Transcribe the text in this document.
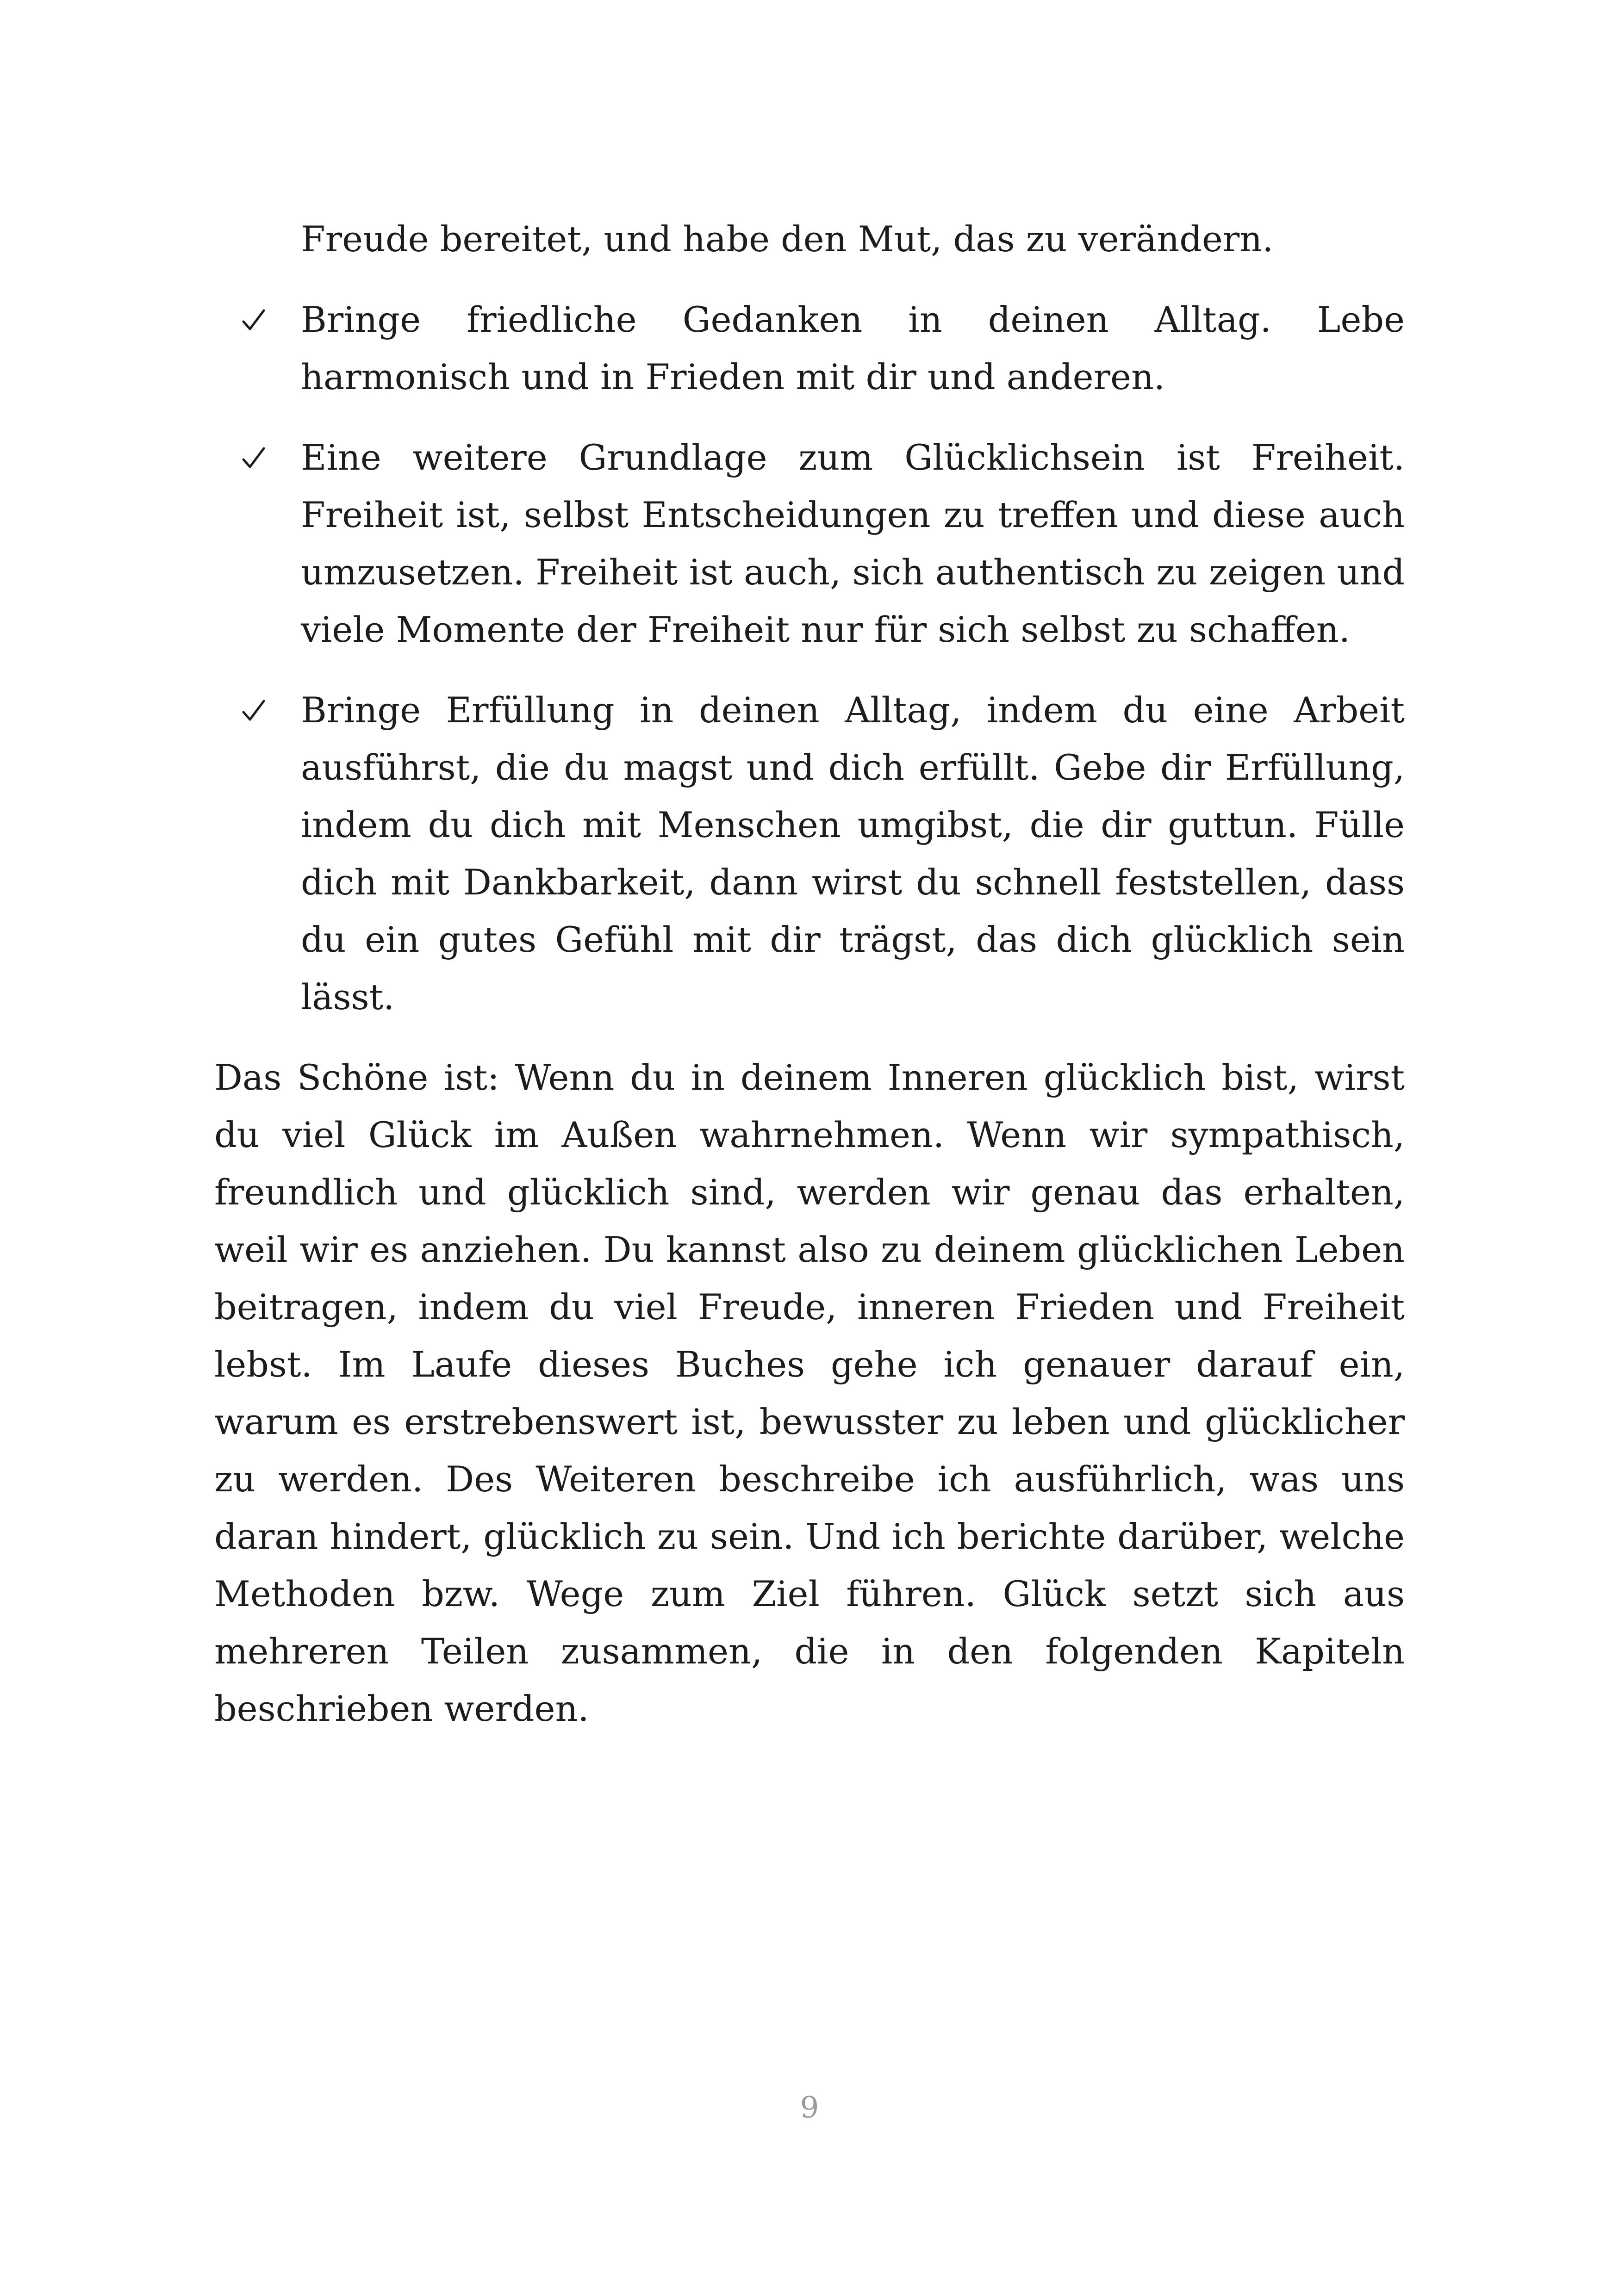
Freude bereitet, und habe den Mut, das zu verändern.

Bringe friedliche Gedanken in deinen Alltag. Lebe harmonisch und in Frieden mit dir und anderen.
Eine weitere Grundlage zum Glücklichsein ist Freiheit. Freiheit ist, selbst Entscheidungen zu treffen und diese auch umzusetzen. Freiheit ist auch, sich authentisch zu zeigen und viele Momente der Freiheit nur für sich selbst zu schaffen.
Bringe Erfüllung in deinen Alltag, indem du eine Arbeit ausführst, die du magst und dich erfüllt. Gebe dir Erfüllung, indem du dich mit Menschen umgibst, die dir guttun. Fülle dich mit Dankbarkeit, dann wirst du schnell feststellen, dass du ein gutes Gefühl mit dir trägst, das dich glücklich sein lässt.

Das Schöne ist: Wenn du in deinem Inneren glücklich bist, wirst du viel Glück im Außen wahrnehmen. Wenn wir sympathisch, freundlich und glücklich sind, werden wir genau das erhalten, weil wir es anziehen. Du kannst also zu deinem glücklichen Leben beitragen, indem du viel Freude, inneren Frieden und Freiheit lebst. Im Laufe dieses Buches gehe ich genauer darauf ein, warum es erstrebenswert ist, bewusster zu leben und glücklicher zu werden. Des Weiteren beschreibe ich ausführlich, was uns daran hindert, glücklich zu sein. Und ich berichte darüber, welche Methoden bzw. Wege zum Ziel führen. Glück setzt sich aus mehreren Teilen zusammen, die in den folgenden Kapiteln beschrieben werden.

9
